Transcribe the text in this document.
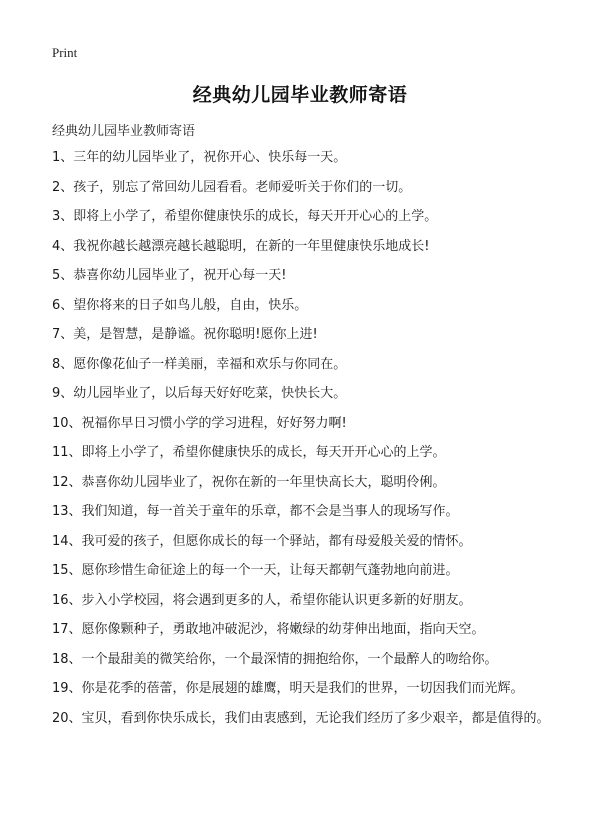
Print
经典幼儿园毕业教师寄语
经典幼儿园毕业教师寄语
1、三年的幼儿园毕业了，祝你开心、快乐每一天。
2、孩子，别忘了常回幼儿园看看。老师爱听关于你们的一切。
3、即将上小学了，希望你健康快乐的成长，每天开开心心的上学。
4、我祝你越长越漂亮越长越聪明，在新的一年里健康快乐地成长!
5、恭喜你幼儿园毕业了，祝开心每一天!
6、望你将来的日子如鸟儿般，自由，快乐。
7、美，是智慧，是静谧。祝你聪明!愿你上进!
8、愿你像花仙子一样美丽，幸福和欢乐与你同在。
9、幼儿园毕业了，以后每天好好吃菜，快快长大。
10、祝福你早日习惯小学的学习进程，好好努力啊!
11、即将上小学了，希望你健康快乐的成长，每天开开心心的上学。
12、恭喜你幼儿园毕业了，祝你在新的一年里快高长大，聪明伶俐。
13、我们知道，每一首关于童年的乐章，都不会是当事人的现场写作。
14、我可爱的孩子，但愿你成长的每一个驿站，都有母爱般关爱的情怀。
15、愿你珍惜生命征途上的每一个一天，让每天都朝气蓬勃地向前进。
16、步入小学校园，将会遇到更多的人，希望你能认识更多新的好朋友。
17、愿你像颗种子，勇敢地冲破泥沙，将嫩绿的幼芽伸出地面，指向天空。
18、一个最甜美的微笑给你，一个最深情的拥抱给你，一个最醉人的吻给你。
19、你是花季的蓓蕾，你是展翅的雄鹰，明天是我们的世界，一切因我们而光辉。
20、宝贝，看到你快乐成长，我们由衷感到，无论我们经历了多少艰辛，都是值得的。
